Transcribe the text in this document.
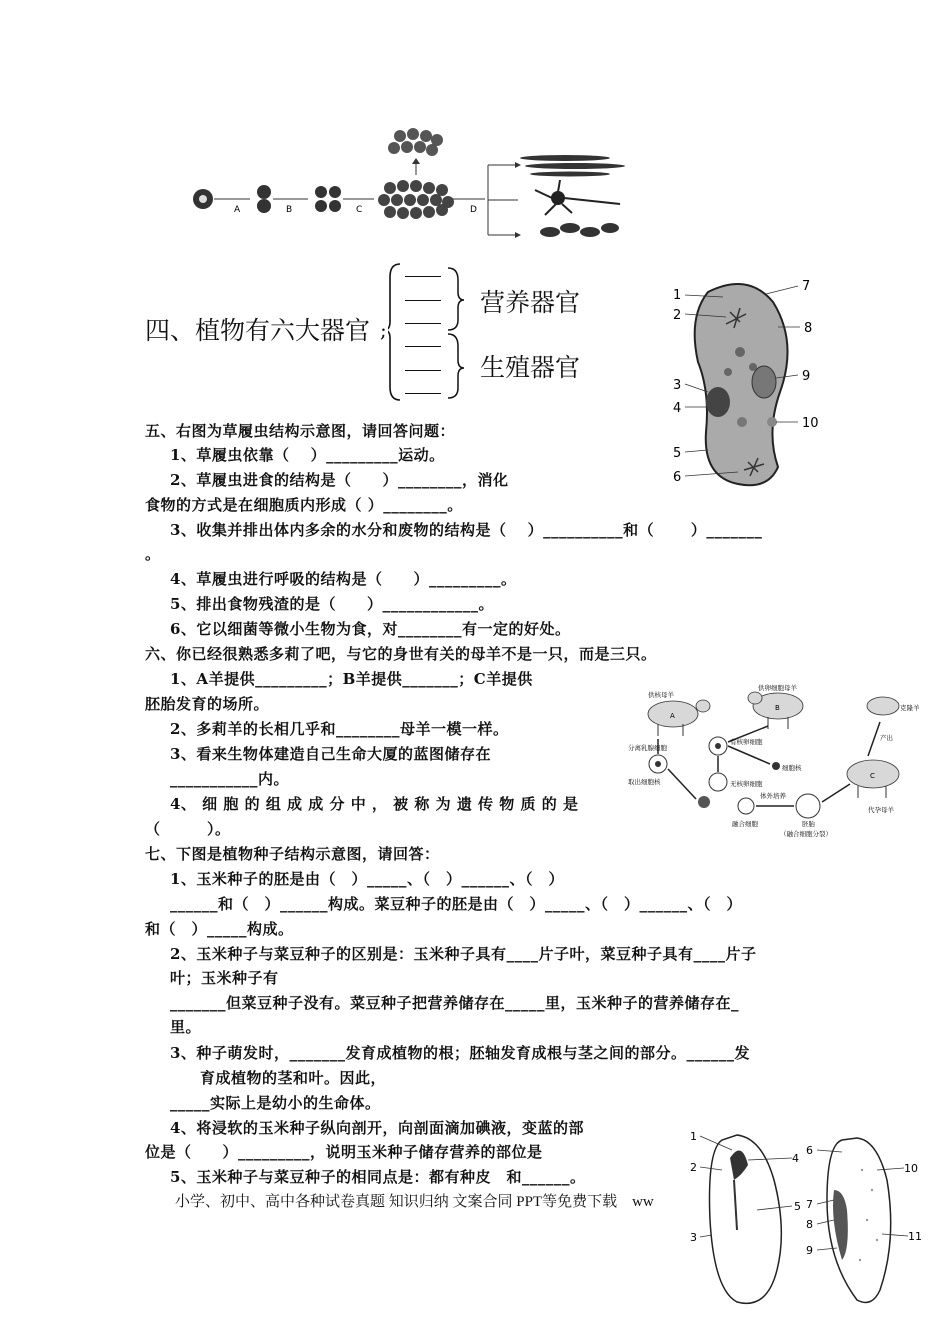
A	B	C	D
四、植物有六大器官 ;
营养器官
生殖器官
1
2
3
4
5
6
7
8
9
10
五、右图为草履虫结构示意图，请回答问题：
1、草履虫依靠（　 ）_________运动。
2、草履虫进食的结构是（　　）________，消化
食物的方式是在细胞质内形成（ ）________。
3、收集并排出体内多余的水分和废物的结构是（　 ）__________和（　　 ）_______
。
4、草履虫进行呼吸的结构是（　　）_________。
5、排出食物残渣的是（　　）____________。
6、它以细菌等微小生物为食，对________有一定的好处。
六、你已经很熟悉多莉了吧，与它的身世有关的母羊不是一只，而是三只。
1、A羊提供_________；B羊提供_______；C羊提供
胚胎发育的场所。
2、多莉羊的长相几乎和________母羊一模一样。
3、看来生物体建造自己生命大厦的蓝图储存在
___________内。
4、 细 胞 的 组 成 成 分 中 ， 被 称 为 遗 传 物 质 的 是
（　　　）。
供核母羊
供卵细胞母羊
克隆羊
分离乳腺细胞
有核卵细胞	产出
取出细胞核
细胞核
无核卵细胞
体外培养
代孕母羊
融合细胞	胚胎
（融合细胞分裂）
A
B
C
七、下图是植物种子结构示意图，请回答：
1、玉米种子的胚是由（　）_____、（　）______、（　）
______和（　）______构成。菜豆种子的胚是由（　）_____、（　）______、（　）
和（　）_____构成。
2、玉米种子与菜豆种子的区别是：玉米种子具有____片子叶，菜豆种子具有____片子
叶；玉米种子有
_______但菜豆种子没有。菜豆种子把营养储存在_____里，玉米种子的营养储存在_
里。
3、种子萌发时，_______发育成植物的根；胚轴发育成根与茎之间的部分。______发
育成植物的茎和叶。因此，
_____实际上是幼小的生命体。
4、将浸软的玉米种子纵向剖开，向剖面滴加碘液，变蓝的部
位是（　　）_________，说明玉米种子储存营养的部位是
5、玉米种子与菜豆种子的相同点是：都有种皮　和______。
1
2
3
4
5
6
7
8
9
10
11
小学、初中、高中各种试卷真题 知识归纳 文案合同 PPT等免费下载　ww
